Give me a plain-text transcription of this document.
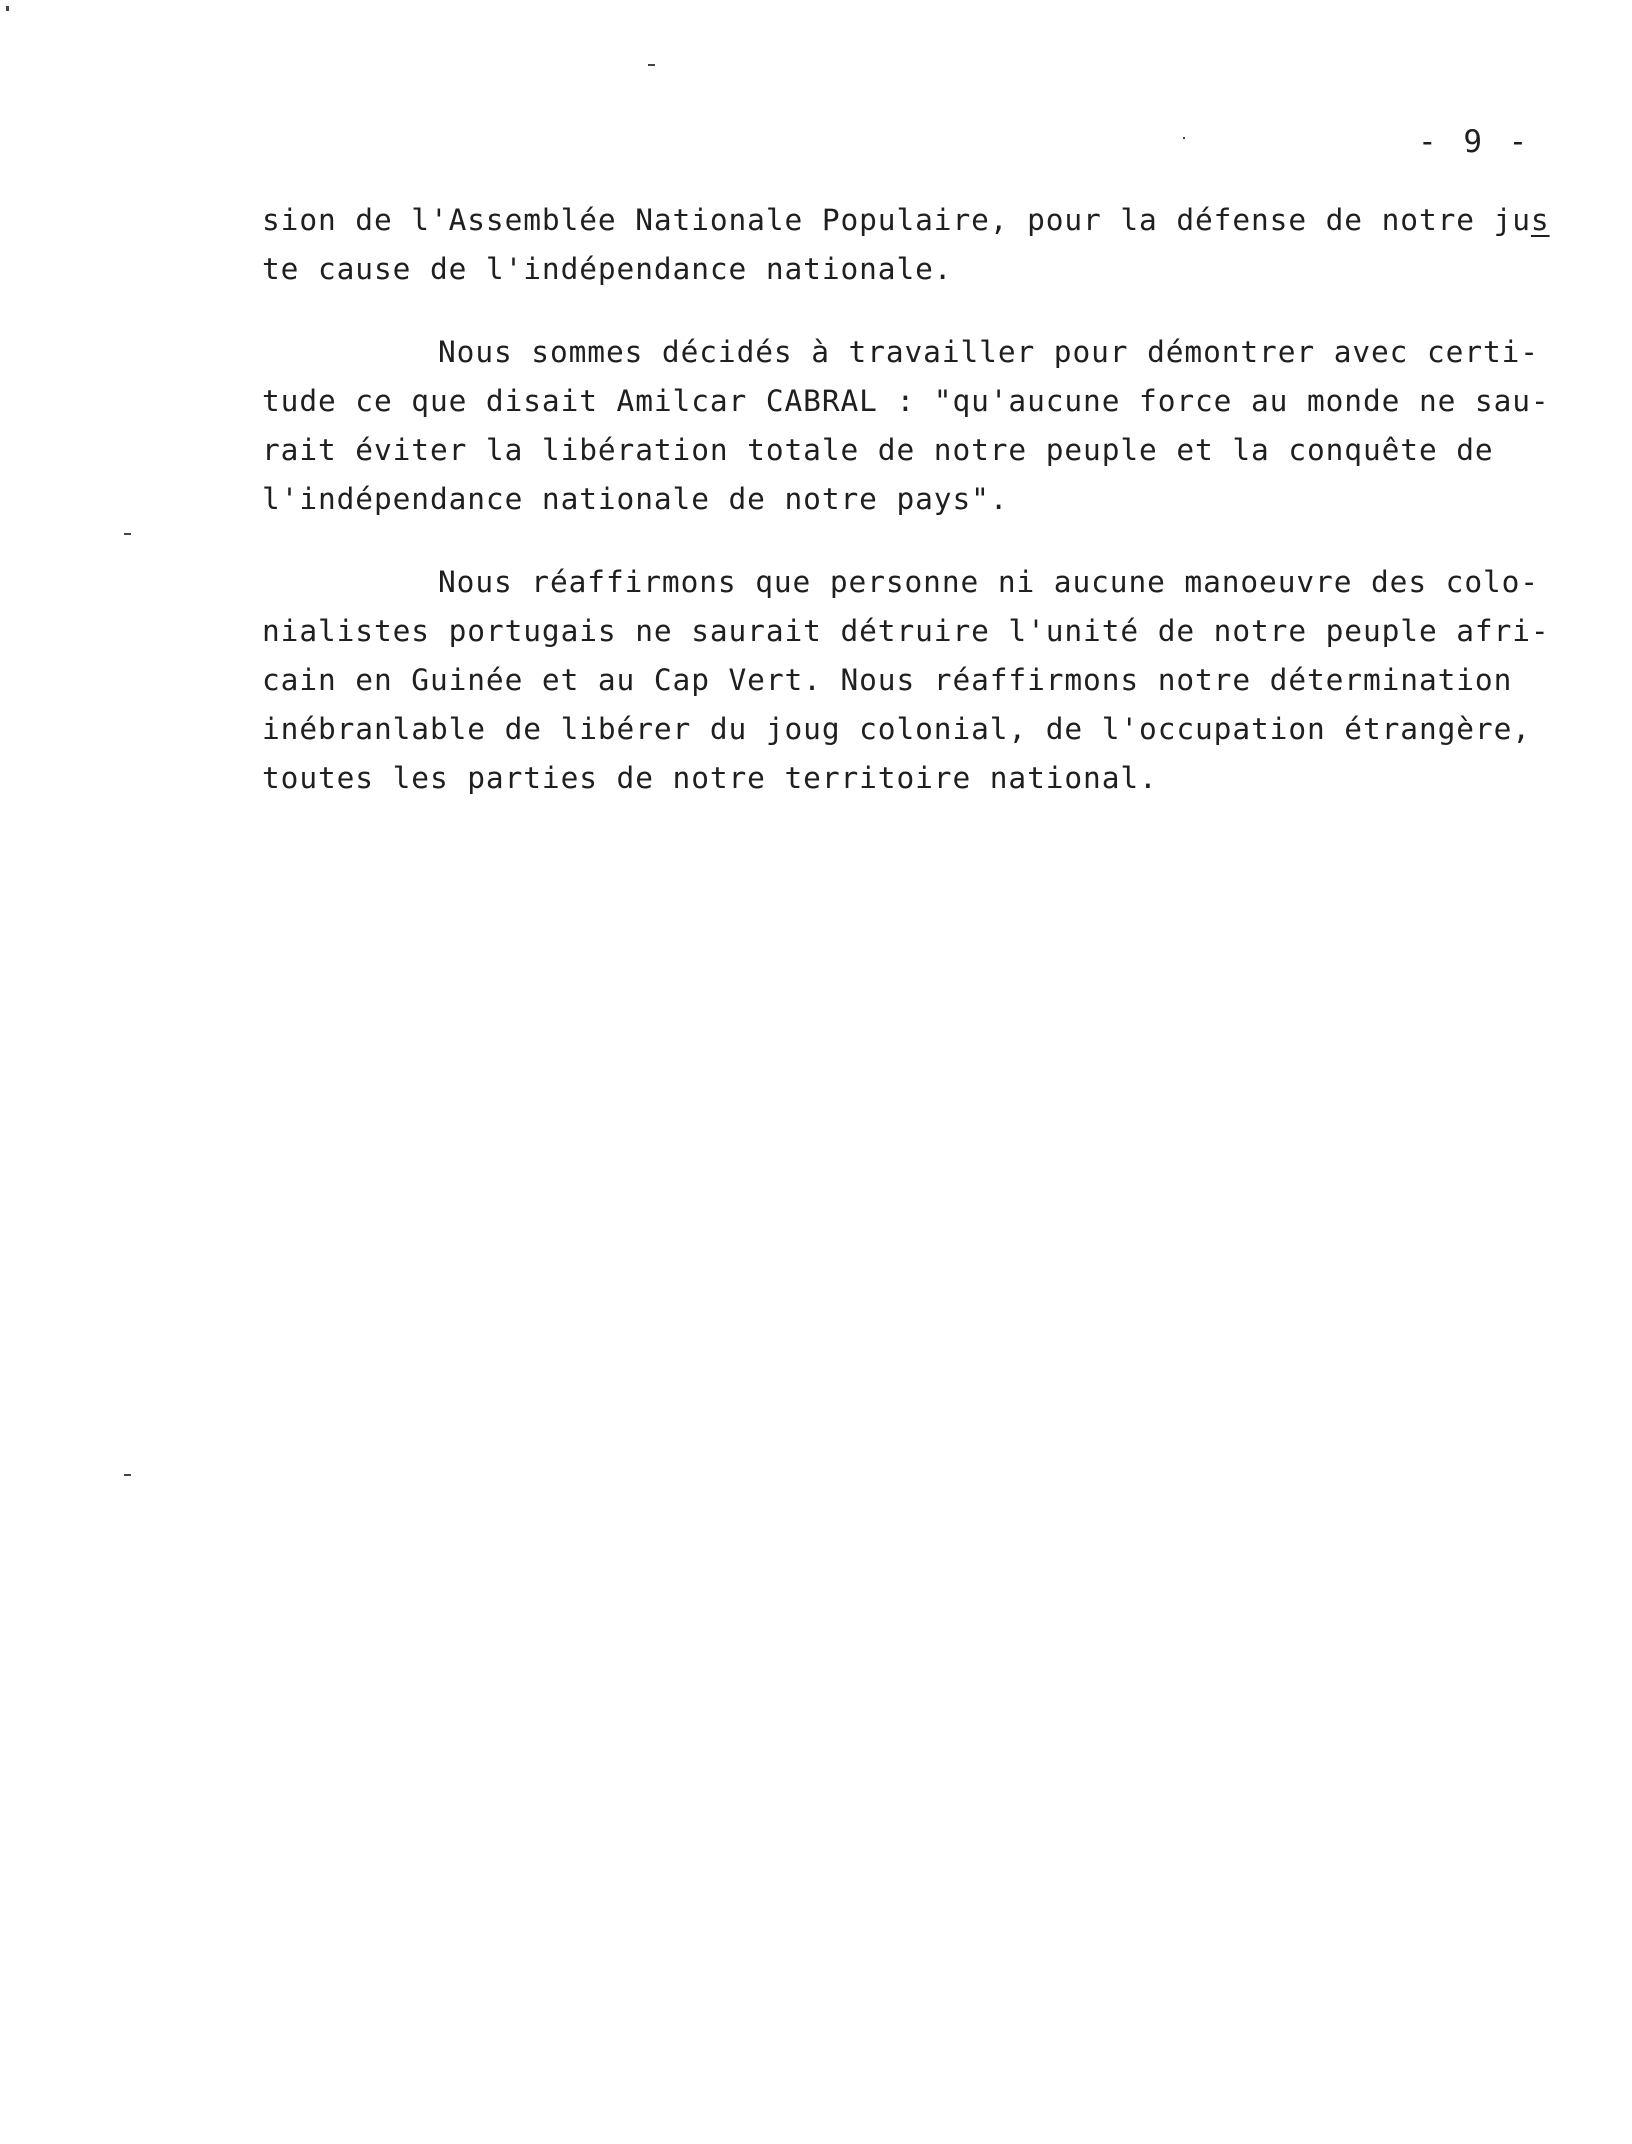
- 9 -
sion de l'Assemblée Nationale Populaire, pour la défense de notre jus
te cause de l'indépendance nationale.
Nous sommes décidés à travailler pour démontrer avec certi-
tude ce que disait Amilcar CABRAL : "qu'aucune force au monde ne sau-
rait éviter la libération totale de notre peuple et la conquête de
l'indépendance nationale de notre pays".
Nous réaffirmons que personne ni aucune manoeuvre des colo-
nialistes portugais ne saurait détruire l'unité de notre peuple afri-
cain en Guinée et au Cap Vert. Nous réaffirmons notre détermination
inébranlable de libérer du joug colonial, de l'occupation étrangère,
toutes les parties de notre territoire national.
